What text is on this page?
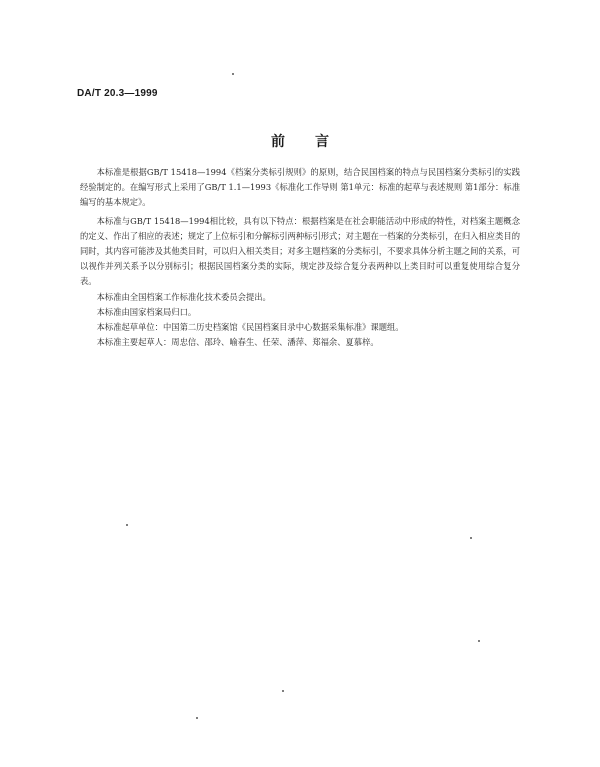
DA/T 20.3—1999
前言

本标准是根据GB/T 15418—1994《档案分类标引规则》的原则，结合民国档案的特点与民国档案分类标引的实践经验制定的。在编写形式上采用了GB/T 1.1—1993《标准化工作导则 第1单元：标准的起草与表述规则 第1部分：标准编写的基本规定》。

本标准与GB/T 15418—1994相比较，具有以下特点：根据档案是在社会职能活动中形成的特性，对档案主题概念的定义、作出了相应的表述；规定了上位标引和分解标引两种标引形式；对主题在一档案的分类标引，在归入相应类目的同时，其内容可能涉及其他类目时，可以归入相关类目；对多主题档案的分类标引，不要求具体分析主题之间的关系，可以视作并列关系予以分别标引；根据民国档案分类的实际，规定涉及综合复分表两种以上类目时可以重复使用综合复分表。

本标准由全国档案工作标准化技术委员会提出。

本标准由国家档案局归口。

本标准起草单位：中国第二历史档案馆《民国档案目录中心数据采集标准》课题组。

本标准主要起草人：周忠信、邵玲、喻春生、任荣、潘萍、郑福余、夏慕梓。
